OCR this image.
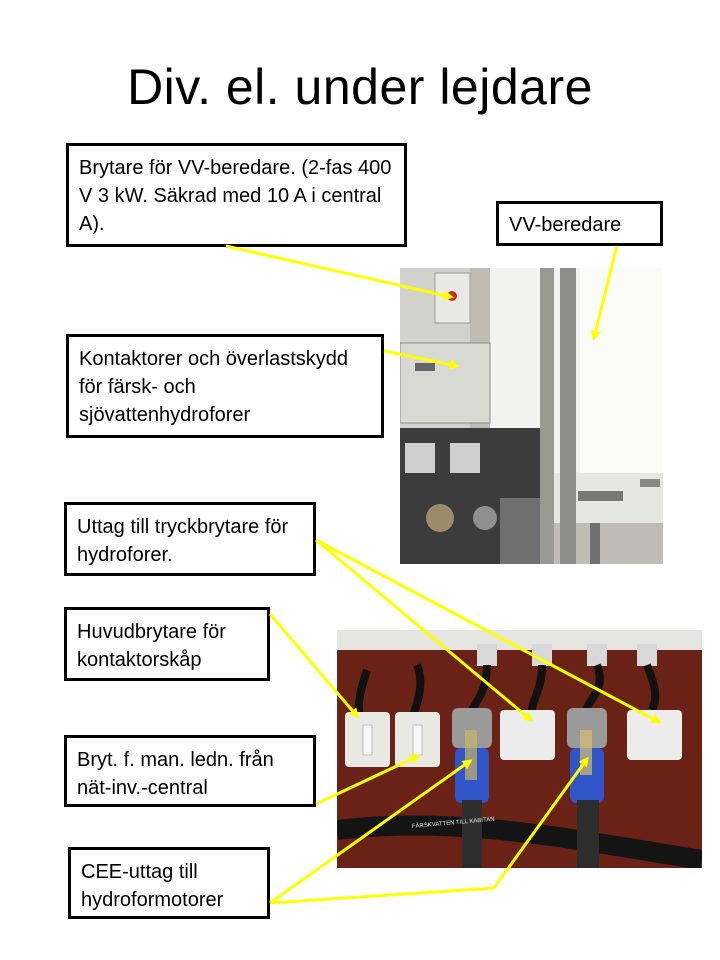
Div. el. under lejdare
Brytare för VV-beredare. (2-fas 400 V 3 kW. Säkrad med 10 A i central A).	VV-beredare
Kontaktorer och överlastskydd för färsk- och sjövattenhydroforer
Uttag till tryckbrytare för hydroforer.
Huvudbrytare för kontaktorskåp
Bryt. f. man. ledn. från nät-inv.-central
CEE-uttag till hydroformotorer
FÄRSKVATTEN TILL KABITAN
